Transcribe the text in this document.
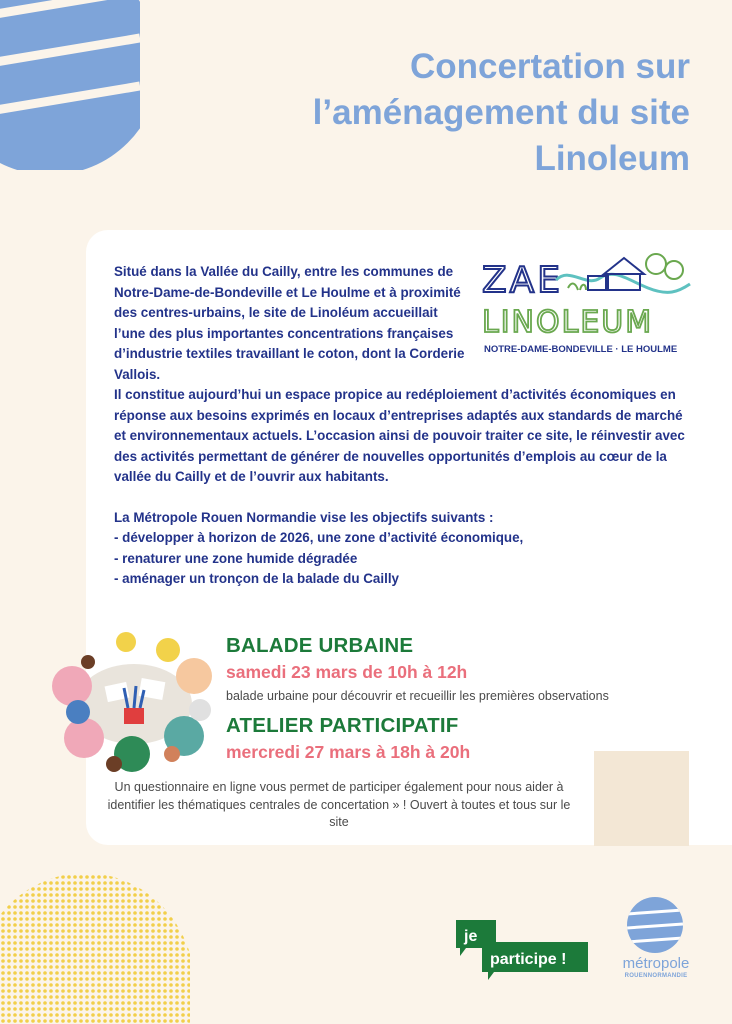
Concertation sur l’aménagement du site Linoleum
ZAE
LINOLEUM
NOTRE-DAME-BONDEVILLE · LE HOULME

Situé dans la Vallée du Cailly, entre les communes de Notre-Dame-de-Bondeville et Le Houlme et à proximité des centres-urbains, le site de Linoléum accueillait l’une des plus importantes concentrations françaises d’industrie textiles travaillant le coton, dont la Corderie Vallois.

Il constitue aujourd’hui un espace propice au redéploiement d’activités économiques en réponse aux besoins exprimés en locaux d’entreprises adaptés aux standards de marché et environnementaux actuels. L’occasion ainsi de pouvoir traiter ce site, le réinvestir avec des activités permettant de générer de nouvelles opportunités d’emplois au cœur de la vallée du Cailly et de l’ouvrir aux habitants.

La Métropole Rouen Normandie vise les objectifs suivants :

- développer à horizon de 2026, une zone d’activité économique,
- renaturer une zone humide dégradée
- aménager un tronçon de la balade du Cailly
BALADE URBAINE

samedi 23 mars de 10h à 12h

balade urbaine pour découvrir et recueillir les premières observations

ATELIER PARTICIPATIF

mercredi 27 mars à 18h à 20h

Un questionnaire en ligne vous permet de participer également pour nous aider à identifier les thématiques centrales de concertation » ! Ouvert à toutes et tous sur le site

je
participe !	métropole

ROUENNORMANDIE
